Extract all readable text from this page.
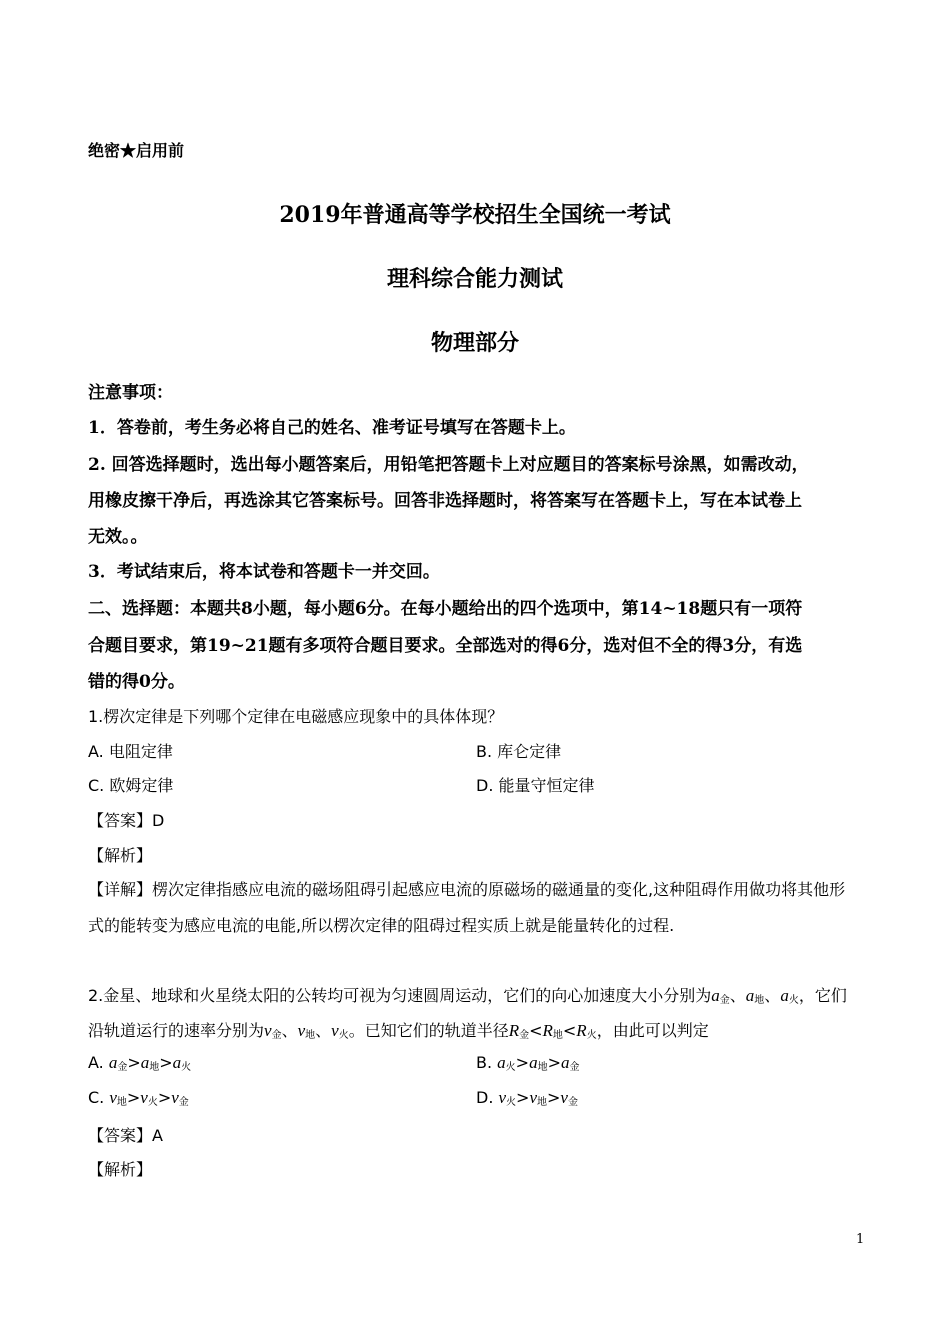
绝密★启用前
2019年普通高等学校招生全国统一考试
理科综合能力测试
物理部分
注意事项：
1．答卷前，考生务必将自己的姓名、准考证号填写在答题卡上。
2. 回答选择题时，选出每小题答案后，用铅笔把答题卡上对应题目的答案标号涂黑，如需改动，
用橡皮擦干净后，再选涂其它答案标号。回答非选择题时，将答案写在答题卡上，写在本试卷上
无效。。
3．考试结束后，将本试卷和答题卡一并交回。
二、选择题：本题共8小题，每小题6分。在每小题给出的四个选项中，第14~18题只有一项符
合题目要求，第19~21题有多项符合题目要求。全部选对的得6分，选对但不全的得3分，有选
错的得0分。
1.楞次定律是下列哪个定律在电磁感应现象中的具体体现？
A. 电阻定律	B. 库仑定律
C. 欧姆定律	D. 能量守恒定律
【答案】D
【解析】
【详解】楞次定律指感应电流的磁场阻碍引起感应电流的原磁场的磁通量的变化,这种阻碍作用做功将其他形
式的能转变为感应电流的电能,所以楞次定律的阻碍过程实质上就是能量转化的过程.
2.金星、地球和火星绕太阳的公转均可视为匀速圆周运动，它们的向心加速度大小分别为$a_金$、$a_地$、$a_火$，它们
沿轨道运行的速率分别为$v_金$、$v_地$、$v_火$。已知它们的轨道半径$R_金<R_地<R_火$，由此可以判定
A. $a_金>a_地>a_火$	B. $a_火>a_地>a_金$
C. $v_地>v_火>v_金$	D. $v_火>v_地>v_金$
【答案】A
【解析】
1
